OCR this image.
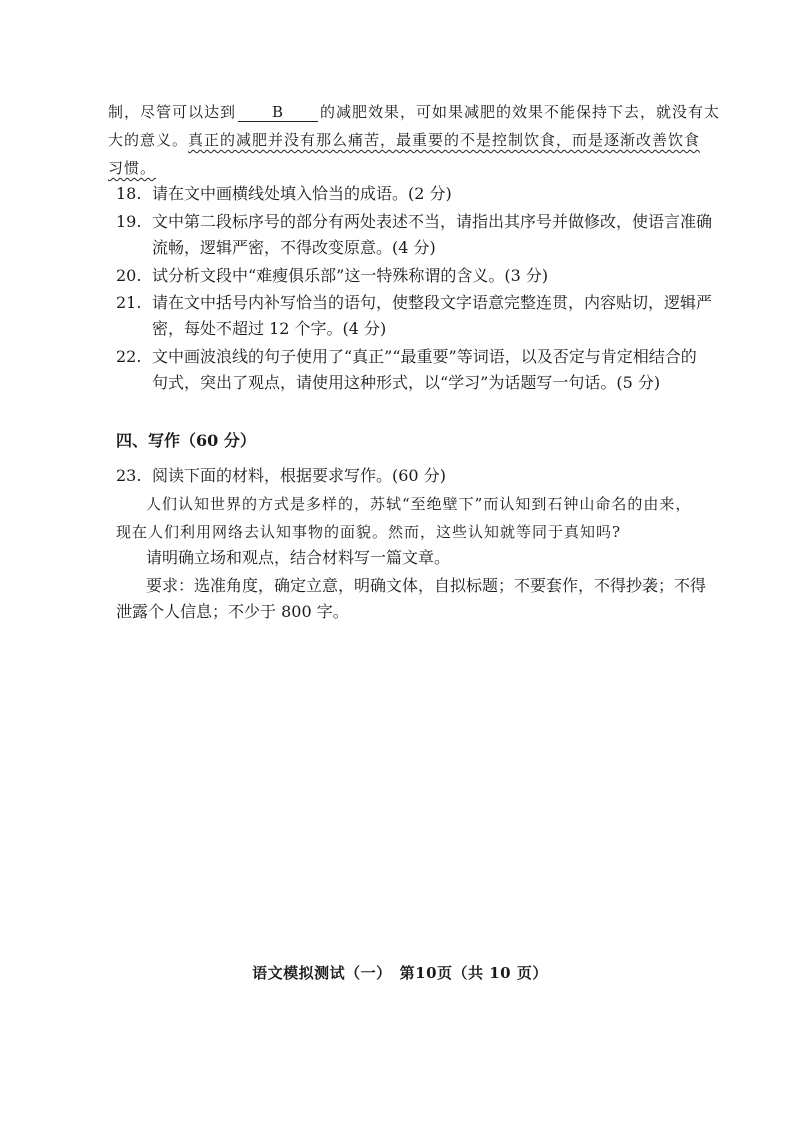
制，尽管可以达到 B 的减肥效果，可如果减肥的效果不能保持下去，就没有太
大的意义。真正的减肥并没有那么痛苦，最重要的不是控制饮食，而是逐渐改善饮食
习惯。
18. 请在文中画横线处填入恰当的成语。(2 分)
19. 文中第二段标序号的部分有两处表述不当，请指出其序号并做修改，使语言准确
流畅，逻辑严密，不得改变原意。(4 分)
20. 试分析文段中“难瘦俱乐部”这一特殊称谓的含义。(3 分)
21. 请在文中括号内补写恰当的语句，使整段文字语意完整连贯，内容贴切，逻辑严
密，每处不超过 12 个字。(4 分)
22. 文中画波浪线的句子使用了“真正”“最重要”等词语，以及否定与肯定相结合的
句式，突出了观点，请使用这种形式，以“学习”为话题写一句话。(5 分)
四、写作（60 分）
23. 阅读下面的材料，根据要求写作。(60 分)
人们认知世界的方式是多样的，苏轼“至绝壁下”而认知到石钟山命名的由来，
现在人们利用网络去认知事物的面貌。然而，这些认知就等同于真知吗?
请明确立场和观点，结合材料写一篇文章。
要求：选准角度，确定立意，明确文体，自拟标题；不要套作，不得抄袭；不得
泄露个人信息；不少于 800 字。
语文模拟测试（一）　第10页（共 10 页）
